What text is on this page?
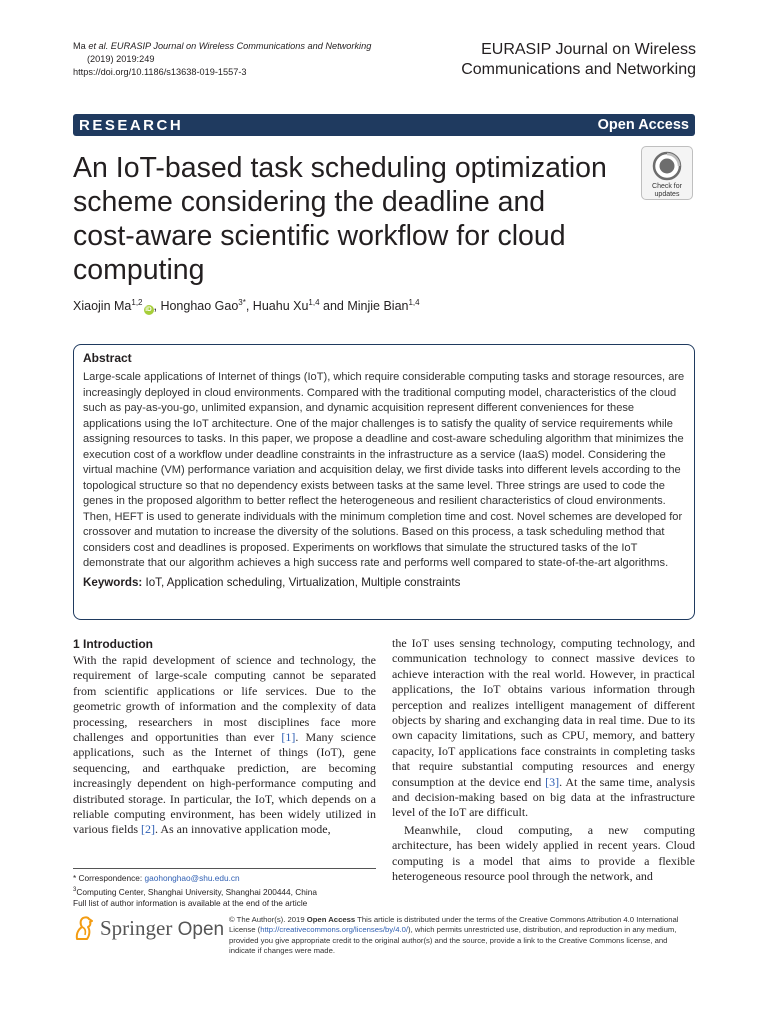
Ma et al. EURASIP Journal on Wireless Communications and Networking
(2019) 2019:249
https://doi.org/10.1186/s13638-019-1557-3
EURASIP Journal on Wireless
Communications and Networking
RESEARCH	Open Access
An IoT-based task scheduling optimization scheme considering the deadline and cost-aware scientific workflow for cloud computing
Check for
updates
Xiaojin Ma$^{1,2}$iD , Honghao Gao$^{3*}$, Huahu Xu$^{1,4}$ and Minjie Bian$^{1,4}$
Abstract

Large-scale applications of Internet of things (IoT), which require considerable computing tasks and storage resources, are increasingly deployed in cloud environments. Compared with the traditional computing model, characteristics of the cloud such as pay-as-you-go, unlimited expansion, and dynamic acquisition represent different conveniences for these applications using the IoT architecture. One of the major challenges is to satisfy the quality of service requirements while assigning resources to tasks. In this paper, we propose a deadline and cost-aware scheduling algorithm that minimizes the execution cost of a workflow under deadline constraints in the infrastructure as a service (IaaS) model. Considering the virtual machine (VM) performance variation and acquisition delay, we first divide tasks into different levels according to the topological structure so that no dependency exists between tasks at the same level. Three strings are used to code the genes in the proposed algorithm to better reflect the heterogeneous and resilient characteristics of cloud environments. Then, HEFT is used to generate individuals with the minimum completion time and cost. Novel schemes are developed for crossover and mutation to increase the diversity of the solutions. Based on this process, a task scheduling method that considers cost and deadlines is proposed. Experiments on workflows that simulate the structured tasks of the IoT demonstrate that our algorithm achieves a high success rate and performs well compared to state-of-the-art algorithms.

Keywords: IoT, Application scheduling, Virtualization, Multiple constraints

1 Introduction

With the rapid development of science and technology, the requirement of large-scale computing cannot be separated from scientific applications or life services. Due to the geometric growth of information and the complexity of data processing, researchers in most disciplines face more challenges and opportunities than ever [1]. Many science applications, such as the Internet of things (IoT), gene sequencing, and earthquake prediction, are becoming increasingly dependent on high-performance computing and distributed storage. In particular, the IoT, which depends on a reliable computing environment, has been widely utilized in various fields [2]. As an innovative application mode,

the IoT uses sensing technology, computing technology, and communication technology to connect massive devices to achieve interaction with the real world. However, in practical applications, the IoT obtains various information through perception and realizes intelligent management of different objects by sharing and exchanging data in real time. Due to its own capacity limitations, such as CPU, memory, and battery capacity, IoT applications face constraints in completing tasks that require substantial computing resources and energy consumption at the device end [3]. At the same time, analysis and decision-making based on big data at the infrastructure level of the IoT are difficult.

Meanwhile, cloud computing, a new computing architecture, has been widely applied in recent years. Cloud computing is a model that aims to provide a flexible heterogeneous resource pool through the network, and

* Correspondence: gaohonghao@shu.edu.cn
$^3$Computing Center, Shanghai University, Shanghai 200444, China
Full list of author information is available at the end of the article
Springer Open © The Author(s). 2019 Open Access This article is distributed under the terms of the Creative Commons Attribution 4.0 International License (http://creativecommons.org/licenses/by/4.0/), which permits unrestricted use, distribution, and reproduction in any medium, provided you give appropriate credit to the original author(s) and the source, provide a link to the Creative Commons license, and indicate if changes were made.
